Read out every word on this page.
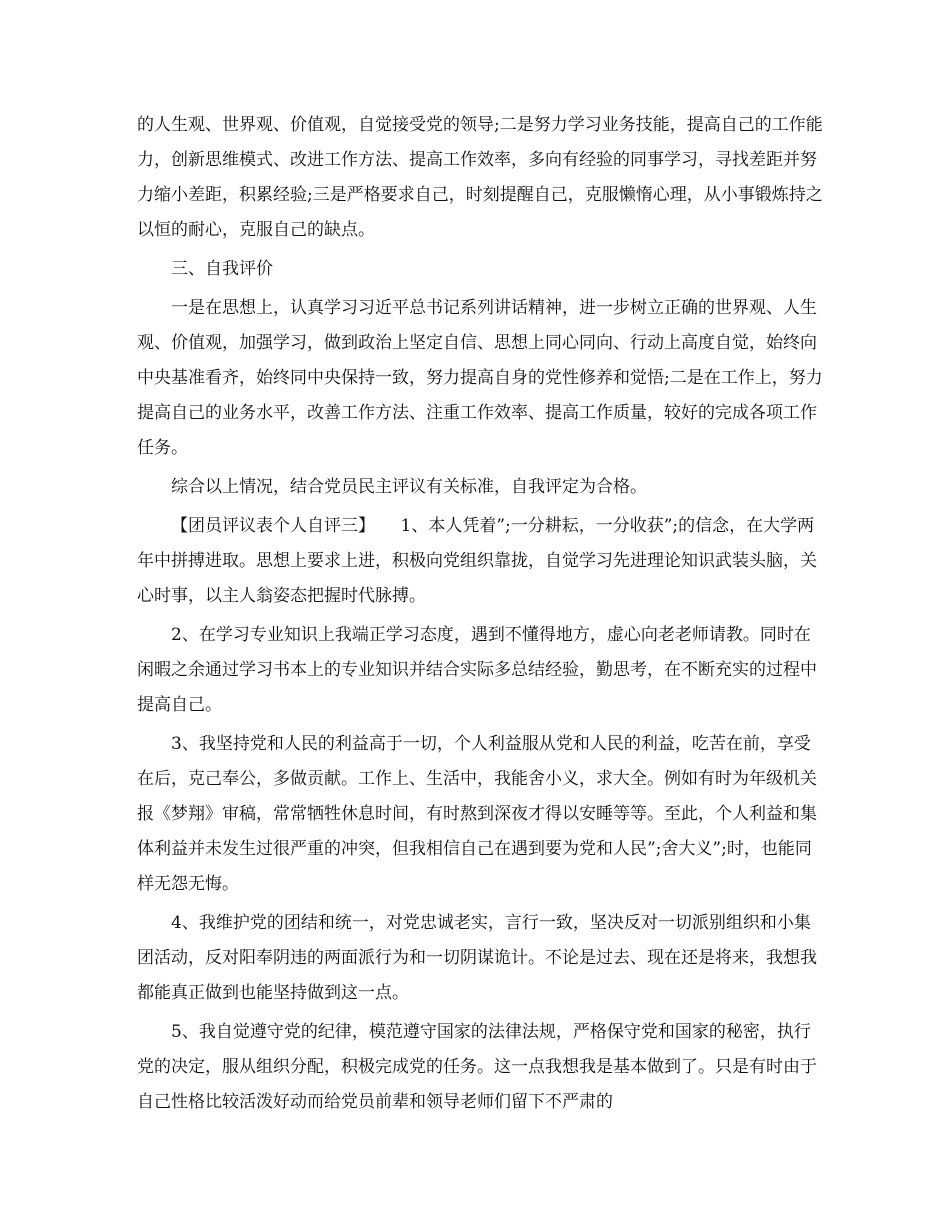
的人生观、世界观、价值观，自觉接受党的领导;二是努力学习业务技能，提高自己的工作能力，创新思维模式、改进工作方法、提高工作效率，多向有经验的同事学习，寻找差距并努力缩小差距，积累经验;三是严格要求自己，时刻提醒自己，克服懒惰心理，从小事锻炼持之以恒的耐心，克服自己的缺点。

三、自我评价

一是在思想上，认真学习习近平总书记系列讲话精神，进一步树立正确的世界观、人生观、价值观，加强学习，做到政治上坚定自信、思想上同心同向、行动上高度自觉，始终向中央基准看齐，始终同中央保持一致，努力提高自身的党性修养和觉悟;二是在工作上，努力提高自己的业务水平，改善工作方法、注重工作效率、提高工作质量，较好的完成各项工作任务。

综合以上情况，结合党员民主评议有关标准，自我评定为合格。

【团员评议表个人自评三】　　1、本人凭着”;一分耕耘，一分收获”;的信念，在大学两年中拼搏进取。思想上要求上进，积极向党组织靠拢，自觉学习先进理论知识武装头脑，关心时事，以主人翁姿态把握时代脉搏。

2、在学习专业知识上我端正学习态度，遇到不懂得地方，虚心向老老师请教。同时在闲暇之余通过学习书本上的专业知识并结合实际多总结经验，勤思考，在不断充实的过程中提高自己。

3、我坚持党和人民的利益高于一切，个人利益服从党和人民的利益，吃苦在前，享受在后，克己奉公，多做贡献。工作上、生活中，我能舍小义，求大全。例如有时为年级机关报《梦翔》审稿，常常牺牲休息时间，有时熬到深夜才得以安睡等等。至此，个人利益和集体利益并未发生过很严重的冲突，但我相信自己在遇到要为党和人民”;舍大义”;时，也能同样无怨无悔。

4、我维护党的团结和统一，对党忠诚老实，言行一致，坚决反对一切派别组织和小集团活动，反对阳奉阴违的两面派行为和一切阴谋诡计。不论是过去、现在还是将来，我想我都能真正做到也能坚持做到这一点。

5、我自觉遵守党的纪律，模范遵守国家的法律法规，严格保守党和国家的秘密，执行党的决定，服从组织分配，积极完成党的任务。这一点我想我是基本做到了。只是有时由于自己性格比较活泼好动而给党员前辈和领导老师们留下不严肃的
